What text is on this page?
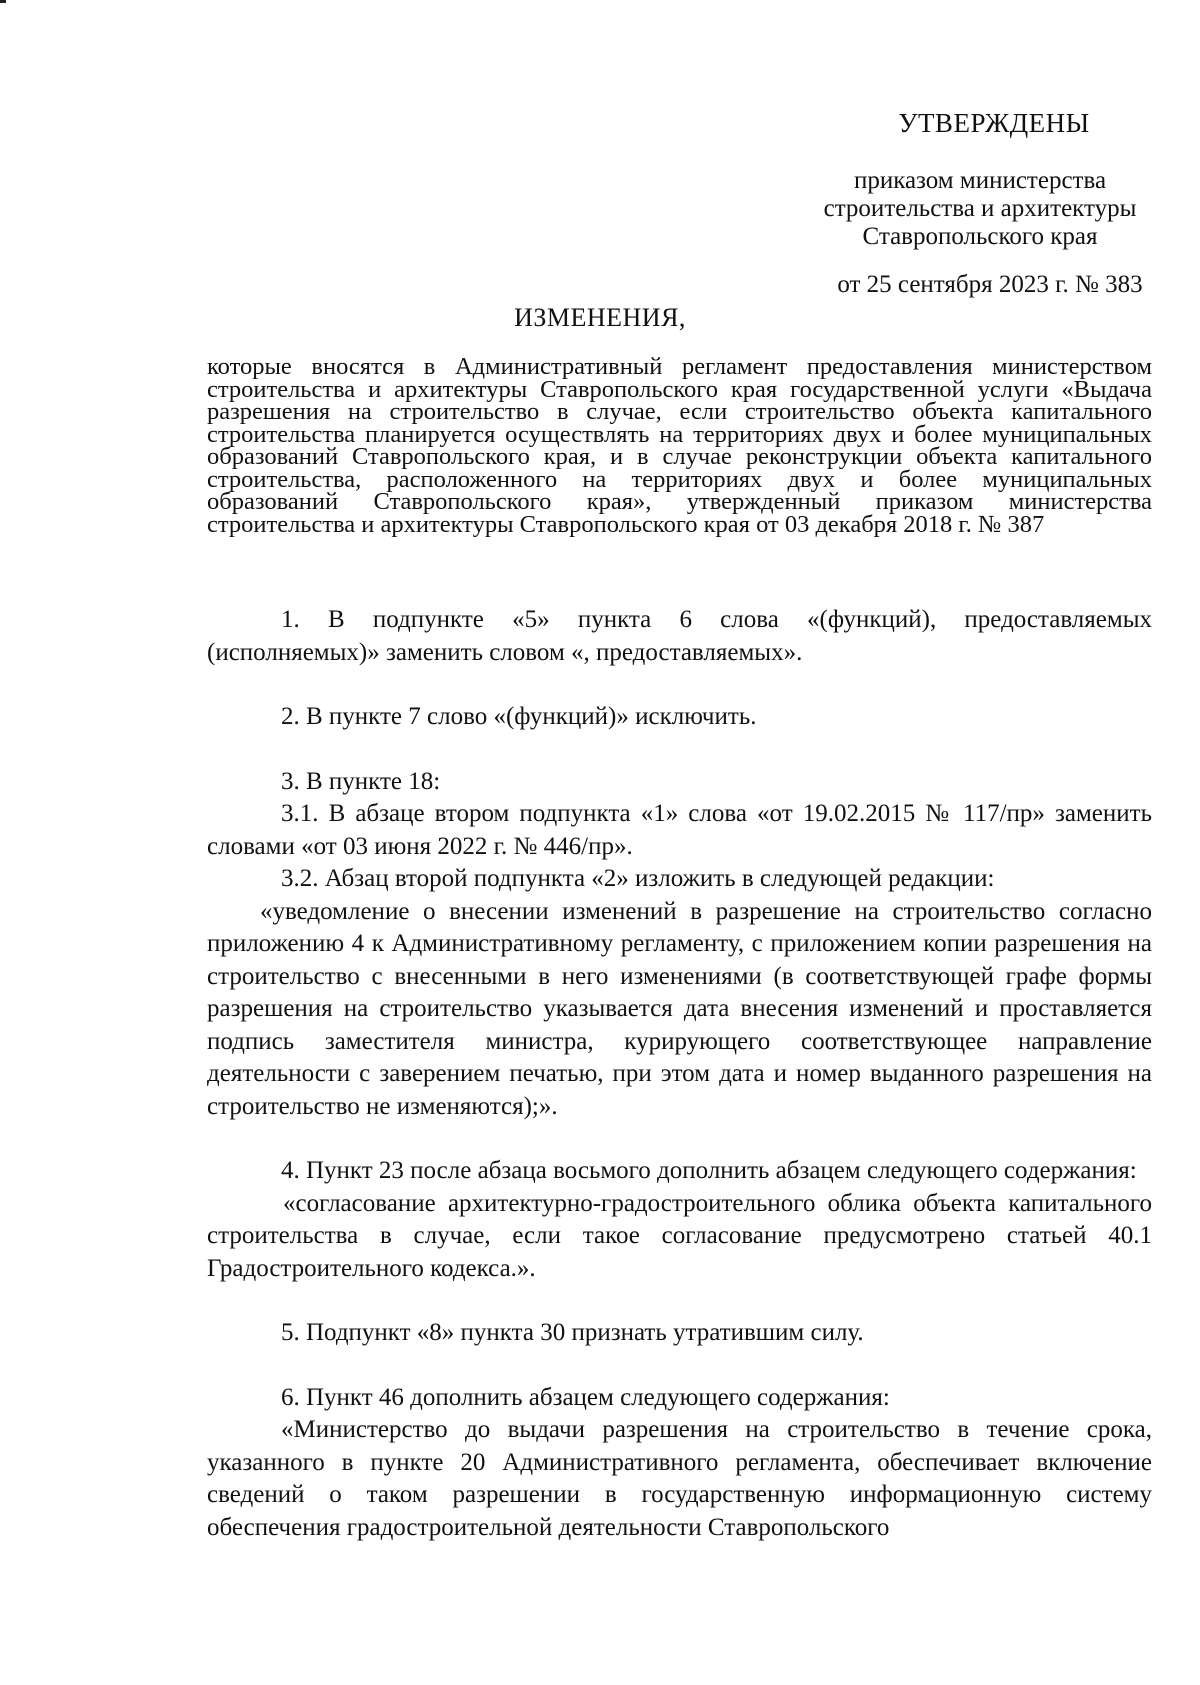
УТВЕРЖДЕНЫ
приказом министерства
строительства и архитектуры
Ставропольского края
от 25 сентября 2023 г. № 383
ИЗМЕНЕНИЯ,
которые вносятся в Административный регламент предоставления министерством строительства и архитектуры Ставропольского края государственной услуги «Выдача разрешения на строительство в случае, если строительство объекта капитального строительства планируется осуществлять на территориях двух и более муниципальных образований Ставропольского края, и в случае реконструкции объекта капитального строительства, расположенного на территориях двух и более муниципальных образований Ставропольского края», утвержденный приказом министерства строительства и архитектуры Ставропольского края от 03 декабря 2018 г. № 387

1. В подпункте «5» пункта 6 слова «(функций), предоставляемых (исполняемых)» заменить словом «, предоставляемых».

2. В пункте 7 слово «(функций)» исключить.

3. В пункте 18:

3.1. В абзаце втором подпункта «1» слова «от 19.02.2015 № 117/пр» заменить словами «от 03 июня 2022 г. № 446/пр».

3.2. Абзац второй подпункта «2» изложить в следующей редакции:

«уведомление о внесении изменений в разрешение на строительство согласно приложению 4 к Административному регламенту, с приложением копии разрешения на строительство с внесенными в него изменениями (в соответствующей графе формы разрешения на строительство указывается дата внесения изменений и проставляется подпись заместителя министра, курирующего соответствующее направление деятельности с заверением печатью, при этом дата и номер выданного разрешения на строительство не изменяются);».

4. Пункт 23 после абзаца восьмого дополнить абзацем следующего содержания:

«согласование архитектурно-градостроительного облика объекта капитального строительства в случае, если такое согласование предусмотрено статьей 40.1 Градостроительного кодекса.».

5. Подпункт «8» пункта 30 признать утратившим силу.

6. Пункт 46 дополнить абзацем следующего содержания:

«Министерство до выдачи разрешения на строительство в течение срока, указанного в пункте 20 Административного регламента, обеспечивает включение сведений о таком разрешении в государственную информационную систему обеспечения градостроительной деятельности Ставропольского
